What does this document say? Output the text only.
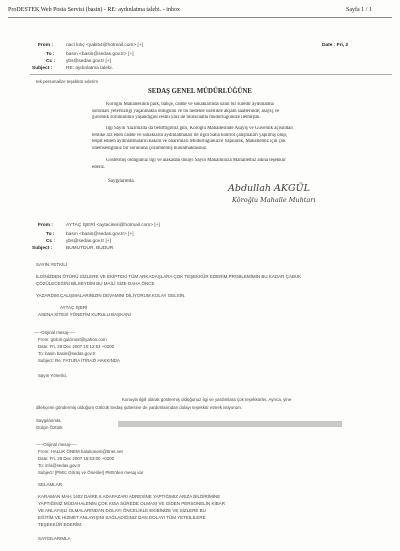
ProDESTEK Web Posta Servisi (basin) - RE: aydınlatma talebi. - inbox	Sayfa 1 / 1
From :	naci kılıç <yaki54@hotmail.com> [+]	Date : Fri, 2
To : basın <basin@sedas.gov.tr> [+]
Cc : ybs@sedas.gov.tr [+]
Subject :	RE: aydınlatma talebi.
tek personalize teşekkür ederim
SEDAŞ GENEL MÜDÜRLÜĞÜNE
Köroğlu Mahallesinin park, bahçe, cadde ve sokaklarında uzun bir süredir aydınlatma
sorunları yetersizliği yaşanmakta olduğunu ve bu nedenle özellikle akşam saatlerinde; asayiş ve
güvenlik sorunlarının yaşandığını resmi yazı ile müracaatla müdürlüğünüze iletmiştik.
İlgi Sayılı Yazımızda da belirttiğimiz gibi, Köroğlu Mahallesinde Asayiş ve Güvenlik açısından
tehlike arz eden cadde ve sokakların aydınlatmaları ile ilgili Saha kontrol çalışmaları yapılmış olup,
tespit edilen aydınlatmaların bakım ve onarımları Müdürlüğünüzce Yapılarak, Mahallemiz için çok
önemsediğimiz bir sorununa çözümlemiş bulunmaktasınız.
Göstermiş olduğunuz ilgi ve alakadan dolayı Sayın Makamınıza Mahallemiz adına teşekkür
ederiz.
Saygılarımla.
Abdullah AKGÜL
Köroğlu Mahalle Muhtarı
From :	AYTAÇ İŞERİ <aytaciseri@hotmail.com> [+]
To : basın <basin@sedas.gov.tr> [+]
Cc : ybs@sedas.gov.tr [+]
Subject :	BUMUTDUR. BUDUR
SAYIN YETKİLİ
İLGİNİZDEN ÖTÜRÜ SİZLERE VE EKİPTEKİ TÜM ARKADAŞLARA ÇOK TEŞEKKÜR EDERİM.PROBLEMİMİN BU KADAR ÇABUK
ÇÖZÜLECEĞİNİ BİLSEYDİM BU MAİLİ SİZE DAHA ÖNCE
YAZARDIM.ÇALIŞMALARINIZIN DEVAMINI DİLİYORUM.KOLAY GELSİN.
AYTAÇ İŞERİ
ASENA SİTESİ YÖNETİM KURULU BAŞKANI
-----Orijinal mesaj-----
From: gülcin gulcinost@yahoo.com
Date: Fri, 28 Dec 2007 10:12:53 +0200
To: basin basin@sedas.gov.tr
Subject: Re: FATURA İTİRAZI HAKKINDA
Sayın Yönetici,
Konuyla ilgili olarak göstermiş olduğunuz ilgi ve yardımlara çok teşekkürler. Ayrıca, yine
dilekçemi göndermiş olduğum Gölcük Sedaş şubesine de yardımlarından dolayı teşekkür etmek istiyorum.
Saygılarımla,
Gülçin Öztürk
-----Orijinal mesaj-----
From: HALUK ÖNEM halukonem@ttnet.net
Date: Fri, 28 Dec 2007 15:53:00 +0200
To: info@sedas.gov.tr
Subject: [PMS: Görüş ve Öneriler] PMS'den mesaj var
SELAMLAR
KARAMAN MAH 1402 DAİRE 6 ADAPAZARI ADRESİNE YAPTIĞIMIZ ARIZA BİLDİRİMİNE
YAPTIĞINIZ MÜDAHALENİN ÇOK KISA SÜREDE OLMASI VE GİDEN PERSONELİN KİBAR
VE ANLAYIŞLI OLMALARINDAN DOLAYI ÖNCELİKLE EKİBİNİZE VE SİZLERE BU
EĞİTİM VE HİZMET ANLAYIŞINI SAĞLADIĞINIZ DAN DOLAYI TÜM YETKİLİLERE
TEŞEKKÜR EDERİM.
SAYGILARIMLA
